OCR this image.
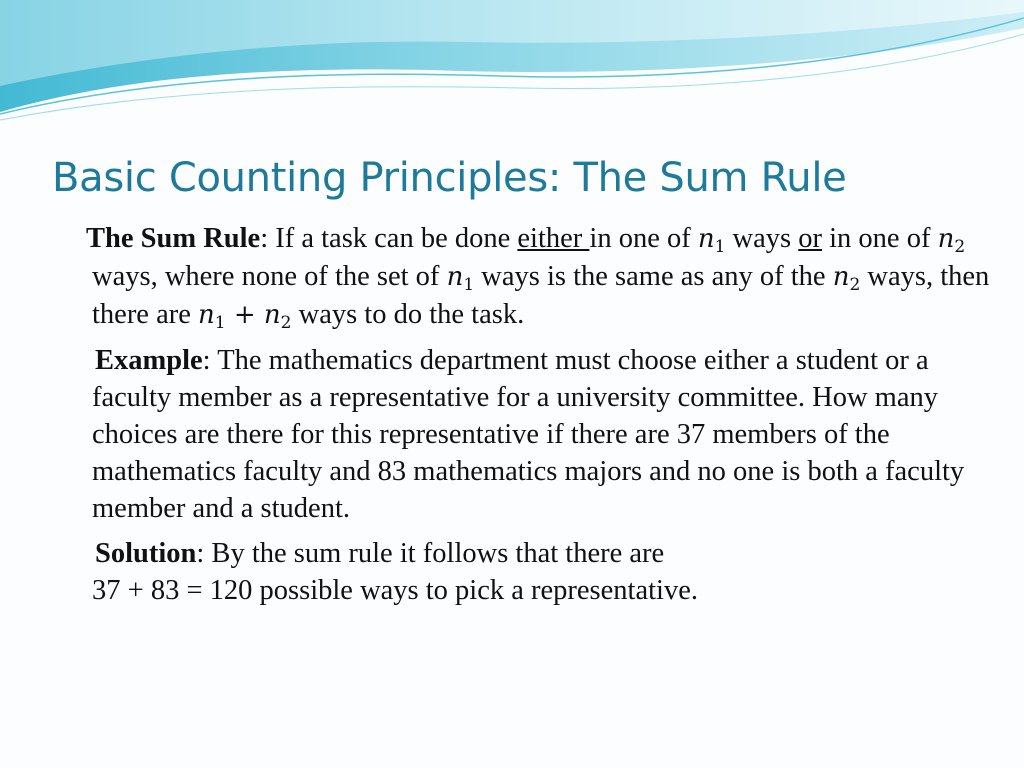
Basic Counting Principles: The Sum Rule

The Sum Rule: If a task can be done either in one of $n_1$ ways or in one of $n_2$ ways, where none of the set of $n_1$ ways is the same as any of the $n_2$ ways, then there are $n_1 + n_2$ ways to do the task.

Example: The mathematics department must choose either a student or a faculty member as a representative for a university committee. How many choices are there for this representative if there are 37 members of the mathematics faculty and 83 mathematics majors and no one is both a faculty member and a student.

Solution: By the sum rule it follows that there are
37 + 83 = 120 possible ways to pick a representative.
